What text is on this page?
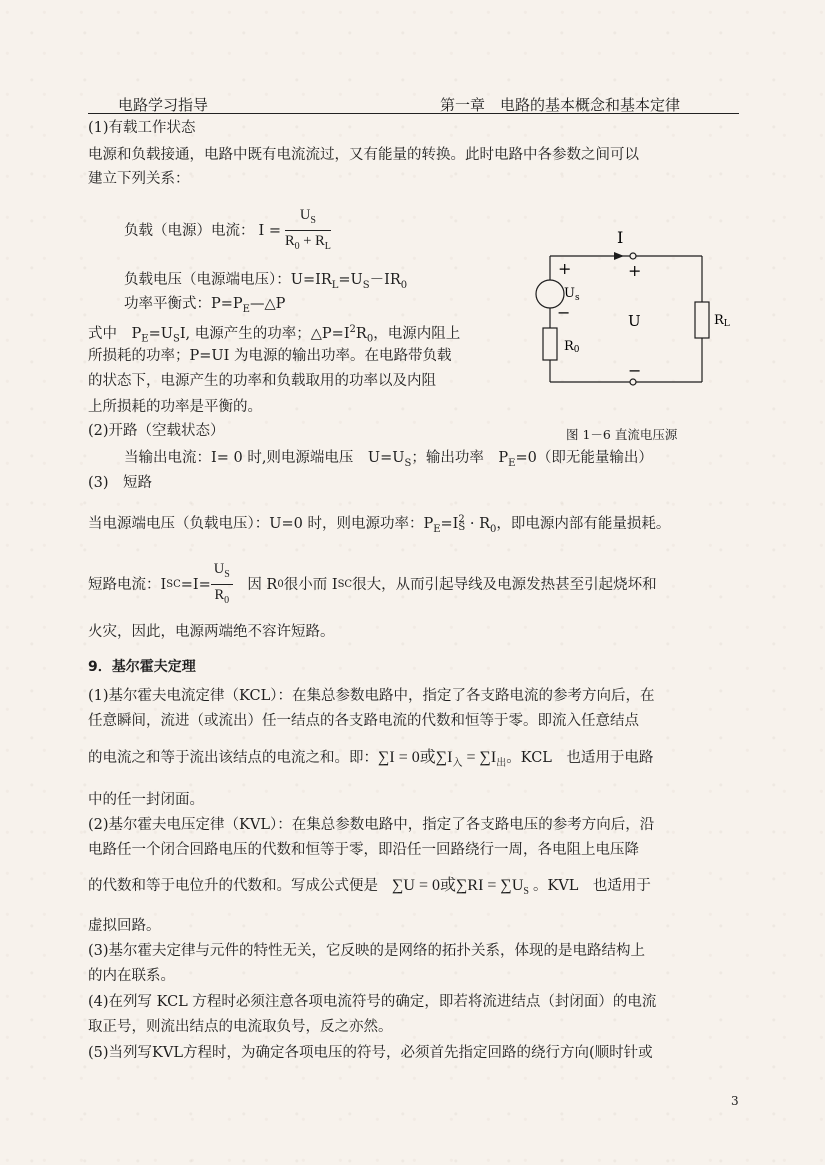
电路学习指导	第一章　电路的基本概念和基本定律
(1)有载工作状态
电源和负载接通，电路中既有电流流过，又有能量的转换。此时电路中各参数之间可以
建立下列关系：
负载（电源）电流： $I = \frac{U_S}{R_0 + R_L}$
负载电压（电源端电压）：$U=IR_L=U_S-IR_0$
功率平衡式：$P=P_E—\triangle P$
式中　$P_E=U_SI$, 电源产生的功率；$\triangle P=I^2R_0$，电源内阻上
所损耗的功率；P=UI 为电源的输出功率。在电路带负载
的状态下，电源产生的功率和负载取用的功率以及内阻
上所损耗的功率是平衡的。
I
+	+
$U_s$
−	U	RL
R0
−
图 1－6 直流电压源
(2)开路（空载状态）
当输出电流：I= 0 时,则电源端电压　$U=U_S$；输出功率　$P_E=0$（即无能量输出）
(3)　短路
当电源端电压（负载电压）：U=0 时，则电源功率：$P_E=I$ 2
$S \cdot R_0$，即电源内部有能量损耗。
短路电流：I SC $=I= \frac{U_S}{R_0}$ 　因 R 0 很小而 I SC 很大，从而引起导线及电源发热甚至引起烧坏和
火灾，因此，电源两端绝不容许短路。
9．基尔霍夫定理
(1)基尔霍夫电流定律（KCL）：在集总参数电路中，指定了各支路电流的参考方向后，在
任意瞬间，流进（或流出）任一结点的各支路电流的代数和恒等于零。即流入任意结点
的电流之和等于流出该结点的电流之和。即：∑I = 0或$\sum I_入 = \sum I_出$。KCL　也适用于电路
中的任一封闭面。
(2)基尔霍夫电压定律（KVL）：在集总参数电路中，指定了各支路电压的参考方向后，沿
电路任一个闭合回路电压的代数和恒等于零，即沿任一回路绕行一周，各电阻上电压降
的代数和等于电位升的代数和。写成公式便是 ∑U = 0或$\sum RI = \sum U_S$ 。KVL　也适用于
虚拟回路。
(3)基尔霍夫定律与元件的特性无关，它反映的是网络的拓扑关系，体现的是电路结构上
的内在联系。
(4)在列写 KCL 方程时必须注意各项电流符号的确定，即若将流进结点（封闭面）的电流
取正号，则流出结点的电流取负号，反之亦然。
(5)当列写KVL方程时，为确定各项电压的符号，必须首先指定回路的绕行方向(顺时针或
3
